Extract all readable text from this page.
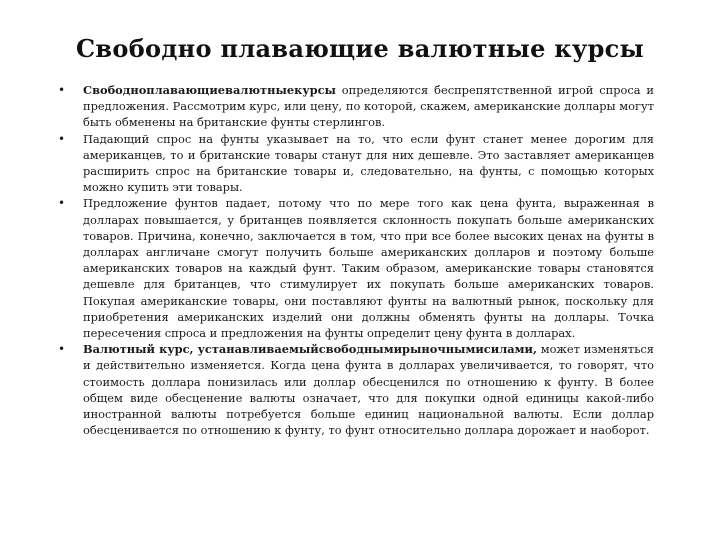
Свободно плавающие валютные курсы
• Свободноплавающиевалютныекурсы определяются беспрепятственной игрой спроса и предложения. Рассмотрим курс, или цену, по которой, скажем, американские доллары могут быть обменены на британские фунты стерлингов.
• Падающий спрос на фунты указывает на то, что если фунт станет менее дорогим для американцев, то и британские товары станут для них дешевле. Это заставляет американцев расширить спрос на британские товары и, следовательно, на фунты, с помощью которых можно купить эти товары.
• Предложение фунтов падает, потому что по мере того как цена фунта, выраженная в долларах повышается, у британцев появляется склонность покупать больше американских товаров. Причина, конечно, заключается в том, что при все более высоких ценах на фунты в долларах англичане смогут получить больше американских долларов и поэтому больше американских товаров на каждый фунт. Таким образом, американские товары становятся дешевле для британцев, что стимулирует их покупать больше американских товаров. Покупая американские товары, они поставляют фунты на валютный рынок, поскольку для приобретения американских изделий они должны обменять фунты на доллары. Точка пересечения спроса и предложения на фунты определит цену фунта в долларах.
• Валютный курс, устанавливаемыйсвободнымирыночнымисилами, может изменяться и действительно изменяется. Когда цена фунта в долларах увеличивается, то говорят, что стоимость доллара понизилась или доллар обесценился по отношению к фунту. В более общем виде обесценение валюты означает, что для покупки одной единицы какой-либо иностранной валюты потребуется больше единиц национальной валюты. Если доллар обесценивается по отношению к фунту, то фунт относительно доллара дорожает и наоборот.
